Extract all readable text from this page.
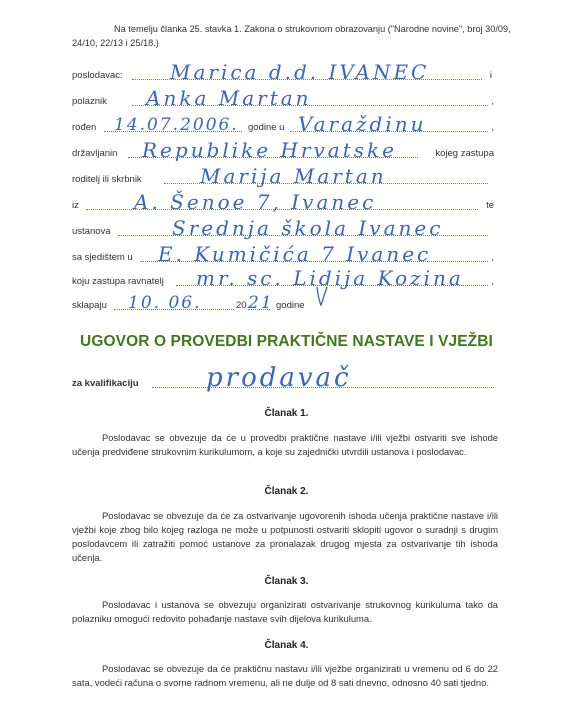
Na temelju članka 25. stavka 1. Zakona o strukovnom obrazovanju ("Narodne novine", broj 30/09, 24/10, 22/13 i 25/18.)
poslodavac: Marica d.d. IVANEC	i
polaznik Anka Martan	,
rođen 14.07.2006. godine u Varaždinu	,
državljanin Republike Hrvatske	kojeg zastupa
roditelj ili skrbnik	Marija Martan
iz	A. Šenoe 7, Ivanec	te
ustanova	Srednja škola Ivanec
sa sjedištem u E. Kumičića 7 Ivanec	,
koju zastupa ravnatelj mr. sc. Lidija Kozina	,
sklapaju 10. 06.	20 21 godine
UGOVOR O PROVEDBI PRAKTIČNE NASTAVE I VJEŽBI
za kvalifikaciju	prodavač
Članak 1.
Poslodavac se obvezuje da će u provedbi praktične nastave i/ili vježbi ostvariti sve ishode učenja predviđene strukovnim kurikulumom, a koje su zajednički utvrdili ustanova i poslodavac.
Članak 2.
Poslodavac se obvezuje da će za ostvarivanje ugovorenih ishoda učenja praktične nastave i/ili vježbi koje zbog bilo kojeg razloga ne može u potpunosti ostvariti sklopiti ugovor o suradnji s drugim poslodavcem ili zatražiti pomoć ustanove za pronalazak drugog mjesta za ostvarivanje tih ishoda učenja.
Članak 3.
Poslodavac i ustanova se obvezuju organizirati ostvarivanje strukovnog kurikuluma tako da polazniku omogući redovito pohađanje nastave svih dijelova kurikuluma.
Članak 4.
Poslodavac se obvezuje da će praktičnu nastavu i/ili vježbe organizirati u vremenu od 6 do 22 sata, vodeći računa o svorne radnom vremenu, ali ne dulje od 8 sati dnevno, odnosno 40 sati tjedno.
